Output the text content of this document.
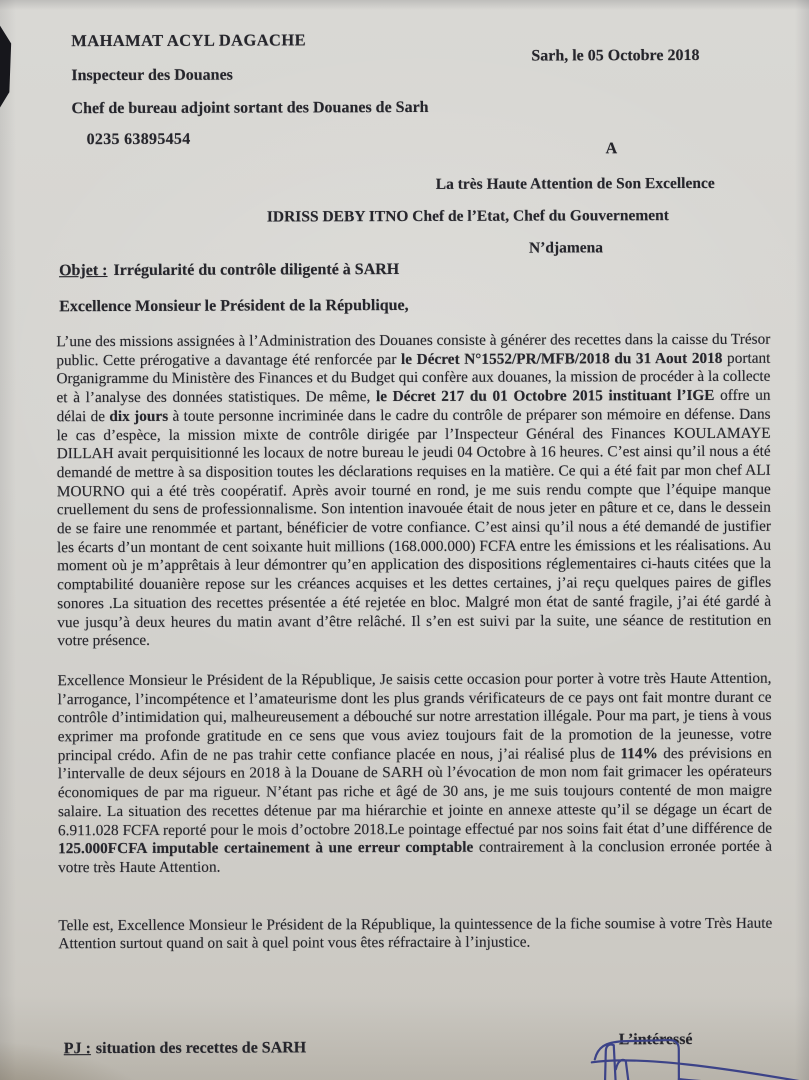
MAHAMAT ACYL DAGACHE
Inspecteur des Douanes
Chef de bureau adjoint sortant des Douanes de Sarh
0235 63895454
Sarh, le 05 Octobre 2018
A
La très Haute Attention de Son Excellence
IDRISS DEBY ITNO Chef de l’Etat, Chef du Gouvernement
N’djamena
Objet : Irrégularité du contrôle diligenté à SARH
Excellence Monsieur le Président de la République,

L’une des missions assignées à l’Administration des Douanes consiste à générer des recettes dans la caisse du Trésor public. Cette prérogative a davantage été renforcée par le Décret N°1552/PR/MFB/2018 du 31 Aout 2018 portant Organigramme du Ministère des Finances et du Budget qui confère aux douanes, la mission de procéder à la collecte et à l’analyse des données statistiques. De même, le Décret 217 du 01 Octobre 2015 instituant l’IGE offre un délai de dix jours à toute personne incriminée dans le cadre du contrôle de préparer son mémoire en défense. Dans le cas d’espèce, la mission mixte de contrôle dirigée par l’Inspecteur Général des Finances KOULAMAYE DILLAH avait perquisitionné les locaux de notre bureau le jeudi 04 Octobre à 16 heures. C’est ainsi qu’il nous a été demandé de mettre à sa disposition toutes les déclarations requises en la matière. Ce qui a été fait par mon chef ALI MOURNO qui a été très coopératif. Après avoir tourné en rond, je me suis rendu compte que l’équipe manque cruellement du sens de professionnalisme. Son intention inavouée était de nous jeter en pâture et ce, dans le dessein de se faire une renommée et partant, bénéficier de votre confiance. C’est ainsi qu’il nous a été demandé de justifier les écarts d’un montant de cent soixante huit millions (168.000.000) FCFA entre les émissions et les réalisations. Au moment où je m’apprêtais à leur démontrer qu’en application des dispositions réglementaires ci-hauts citées que la comptabilité douanière repose sur les créances acquises et les dettes certaines, j’ai reçu quelques paires de gifles sonores .La situation des recettes présentée a été rejetée en bloc. Malgré mon état de santé fragile, j’ai été gardé à vue jusqu’à deux heures du matin avant d’être relâché. Il s’en est suivi par la suite, une séance de restitution en votre présence.

Excellence Monsieur le Président de la République, Je saisis cette occasion pour porter à votre très Haute Attention, l’arrogance, l’incompétence et l’amateurisme dont les plus grands vérificateurs de ce pays ont fait montre durant ce contrôle d’intimidation qui, malheureusement a débouché sur notre arrestation illégale. Pour ma part, je tiens à vous exprimer ma profonde gratitude en ce sens que vous aviez toujours fait de la promotion de la jeunesse, votre principal crédo. Afin de ne pas trahir cette confiance placée en nous, j’ai réalisé plus de 114% des prévisions en l’intervalle de deux séjours en 2018 à la Douane de SARH où l’évocation de mon nom fait grimacer les opérateurs économiques de par ma rigueur. N’étant pas riche et âgé de 30 ans, je me suis toujours contenté de mon maigre salaire. La situation des recettes détenue par ma hiérarchie et jointe en annexe atteste qu’il se dégage un écart de 6.911.028 FCFA reporté pour le mois d’octobre 2018.Le pointage effectué par nos soins fait état d’une différence de 125.000FCFA imputable certainement à une erreur comptable contrairement à la conclusion erronée portée à votre très Haute Attention.

Telle est, Excellence Monsieur le Président de la République, la quintessence de la fiche soumise à votre Très Haute Attention surtout quand on sait à quel point vous êtes réfractaire à l’injustice.

PJ : situation des recettes de SARH	L’intéressé
